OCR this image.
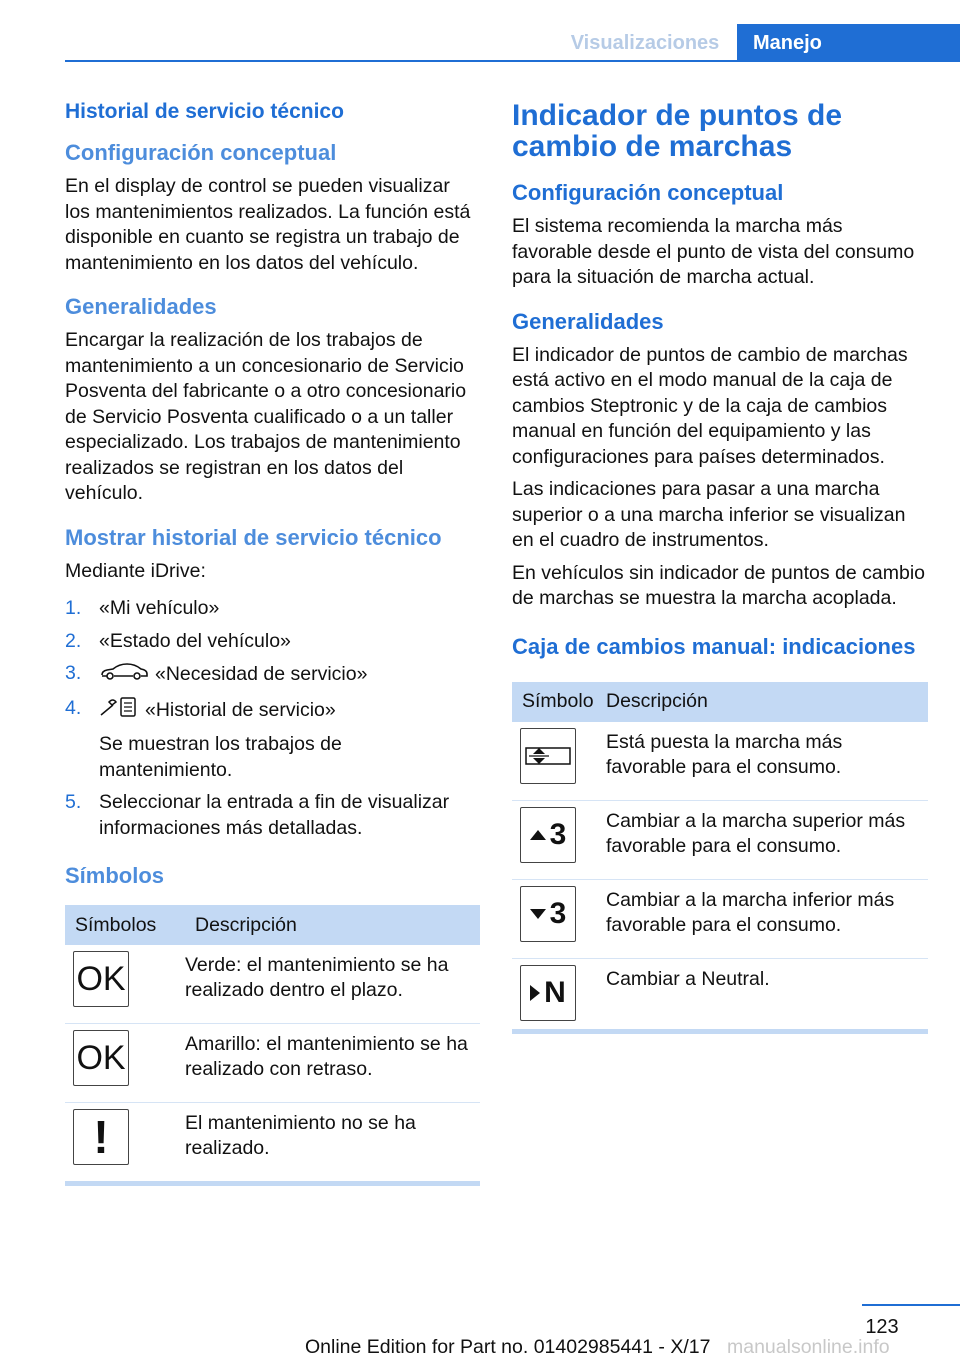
Visualizaciones	Manejo
Historial de servicio técnico
Configuración conceptual

En el display de control se pueden visualizar los mantenimientos realizados. La función está disponible en cuanto se registra un trabajo de mantenimiento en los datos del vehículo.

Generalidades

Encargar la realización de los trabajos de mantenimiento a un concesionario de Servicio Posventa del fabricante o a otro concesionario de Servicio Posventa cualificado o a un taller especializado. Los trabajos de mantenimiento realizados se registran en los datos del vehículo.

Mostrar historial de servicio técnico

Mediante iDrive:

1. «Mi vehículo»
2. «Estado del vehículo»
3.	«Necesidad de servicio»
4.	«Historial de servicio»
Se muestran los trabajos de mantenimiento.
5. Seleccionar la entrada a fin de visualizar informaciones más detalladas.
Símbolos
Símbolos	Descripción

OK	Verde: el mantenimiento se ha realizado dentro el plazo.

OK	Amarillo: el mantenimiento se ha realizado con retraso.

!	El mantenimiento no se ha realizado.
Indicador de puntos de cambio de marchas
Configuración conceptual

El sistema recomienda la marcha más favorable desde el punto de vista del consumo para la situación de marcha actual.

Generalidades

El indicador de puntos de cambio de marchas está activo en el modo manual de la caja de cambios Steptronic y de la caja de cambios manual en función del equipamiento y las configuraciones para países determinados.

Las indicaciones para pasar a una marcha superior o a una marcha inferior se visualizan en el cuadro de instrumentos.

En vehículos sin indicador de puntos de cambio de marchas se muestra la marcha acoplada.

Caja de cambios manual: indicaciones
Símbolo	Descripción

	Está puesta la marcha más favorable para el consumo.

3	Cambiar a la marcha superior más favorable para el consumo.

3	Cambiar a la marcha inferior más favorable para el consumo.

N	Cambiar a Neutral.
123
Online Edition for Part no. 01402985441 - X/17 manualsonline.info
